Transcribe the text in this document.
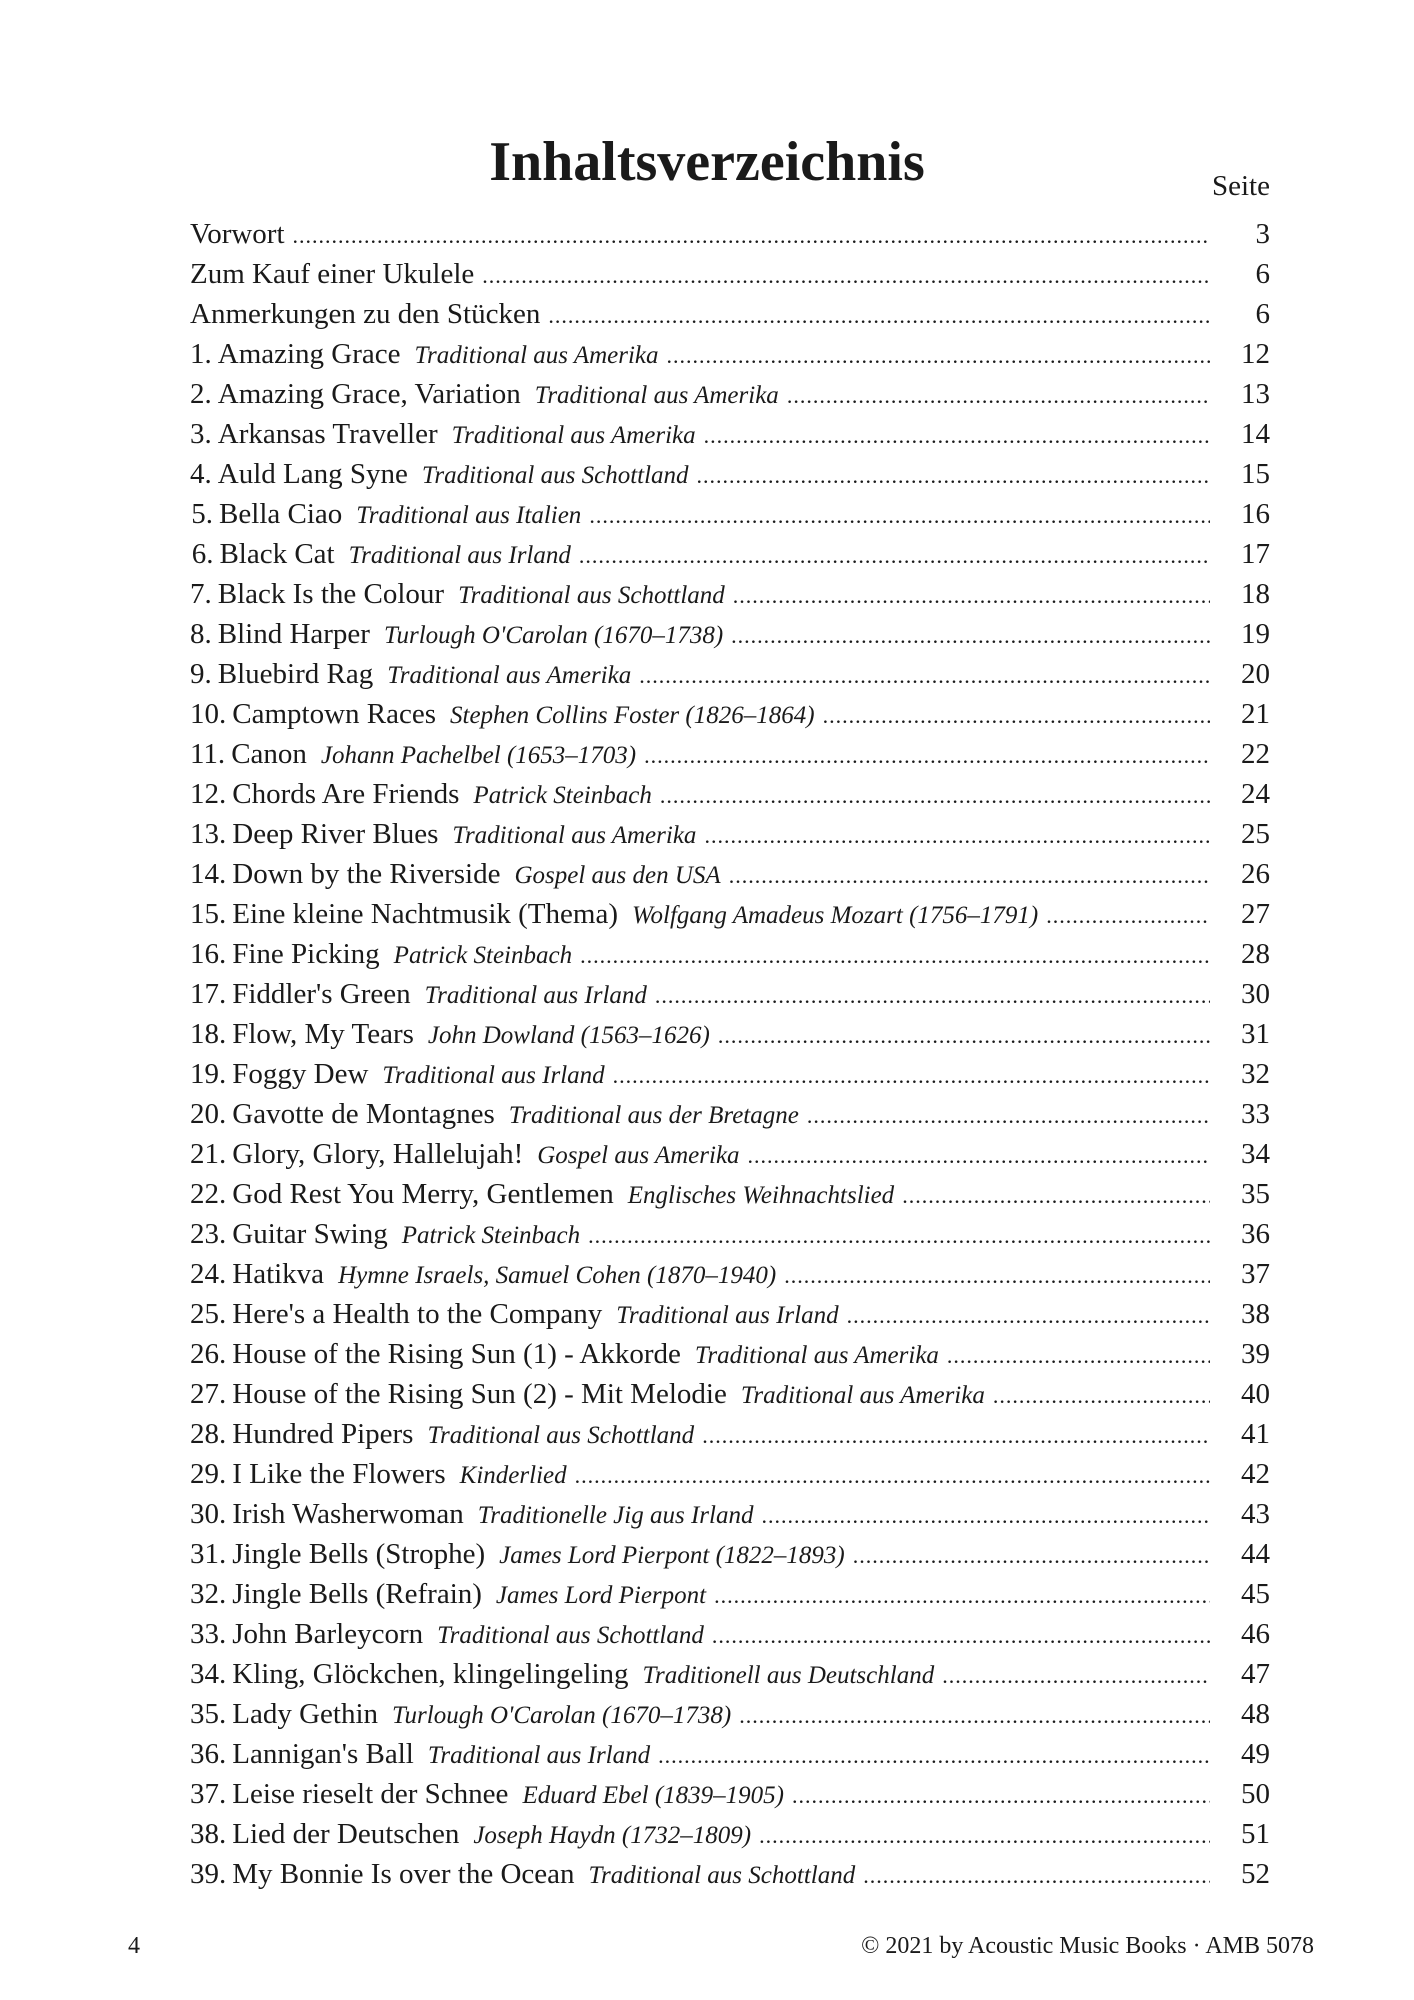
Inhaltsverzeichnis	Seite
Vorwort .....	3
Zum Kauf einer Ukulele .....	6
Anmerkungen zu den Stücken .....	6
1. Amazing Grace Traditional aus Amerika .....	12
2. Amazing Grace, Variation Traditional aus Amerika .....	13
3. Arkansas Traveller Traditional aus Amerika .....	14
4. Auld Lang Syne Traditional aus Schottland .....	15
5. Bella Ciao Traditional aus Italien .....	16
6. Black Cat Traditional aus Irland .....	17
7. Black Is the Colour Traditional aus Schottland .....	18
8. Blind Harper Turlough O'Carolan (1670–1738) .....	19
9. Bluebird Rag Traditional aus Amerika .....	20
10. Camptown Races Stephen Collins Foster (1826–1864) .....	21
11. Canon Johann Pachelbel (1653–1703) .....	22
12. Chords Are Friends Patrick Steinbach .....	24
13. Deep River Blues Traditional aus Amerika .....	25
14. Down by the Riverside Gospel aus den USA .....	26
15. Eine kleine Nachtmusik (Thema) Wolfgang Amadeus Mozart (1756–1791) .....	27
16. Fine Picking Patrick Steinbach .....	28
17. Fiddler's Green Traditional aus Irland .....	30
18. Flow, My Tears John Dowland (1563–1626) .....	31
19. Foggy Dew Traditional aus Irland .....	32
20. Gavotte de Montagnes Traditional aus der Bretagne .....	33
21. Glory, Glory, Hallelujah! Gospel aus Amerika .....	34
22. God Rest You Merry, Gentlemen Englisches Weihnachtslied .....	35
23. Guitar Swing Patrick Steinbach .....	36
24. Hatikva Hymne Israels, Samuel Cohen (1870–1940) .....	37
25. Here's a Health to the Company Traditional aus Irland .....	38
26. House of the Rising Sun (1) - Akkorde Traditional aus Amerika .....	39
27. House of the Rising Sun (2) - Mit Melodie Traditional aus Amerika .....	40
28. Hundred Pipers Traditional aus Schottland .....	41
29. I Like the Flowers Kinderlied .....	42
30. Irish Washerwoman Traditionelle Jig aus Irland .....	43
31. Jingle Bells (Strophe) James Lord Pierpont (1822–1893) .....	44
32. Jingle Bells (Refrain) James Lord Pierpont .....	45
33. John Barleycorn Traditional aus Schottland .....	46
34. Kling, Glöckchen, klingelingeling Traditionell aus Deutschland .....	47
35. Lady Gethin Turlough O'Carolan (1670–1738) .....	48
36. Lannigan's Ball Traditional aus Irland .....	49
37. Leise rieselt der Schnee Eduard Ebel (1839–1905) .....	50
38. Lied der Deutschen Joseph Haydn (1732–1809) .....	51
39. My Bonnie Is over the Ocean Traditional aus Schottland .....	52
4	© 2021 by Acoustic Music Books · AMB 5078
